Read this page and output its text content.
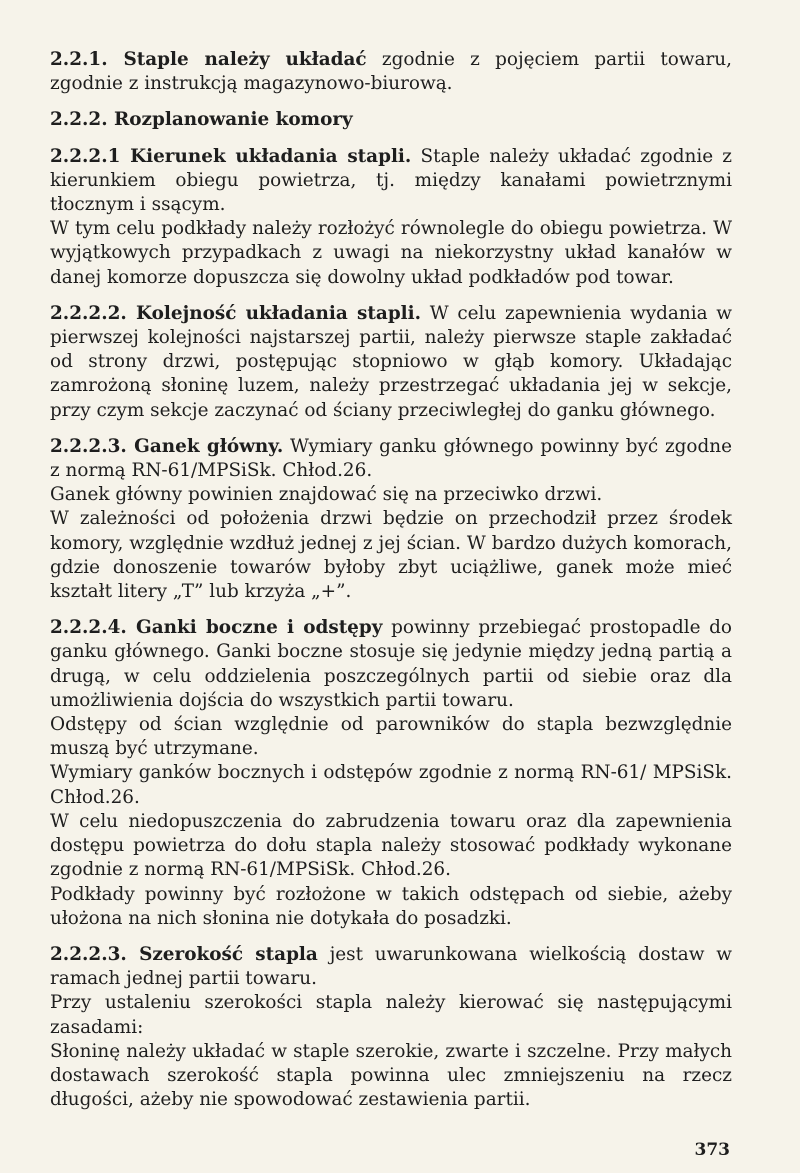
2.2.1. Staple należy układać zgodnie z pojęciem partii towaru, zgodnie z instrukcją magazynowo-biurową.

2.2.2. Rozplanowanie komory

2.2.2.1 Kierunek układania stapli. Staple należy układać zgodnie z kierunkiem obiegu powietrza, tj. między kanałami powietrznymi tłocznym i ssącym.
W tym celu podkłady należy rozłożyć równolegle do obiegu powietrza. W wyjątkowych przypadkach z uwagi na niekorzystny układ kanałów w danej komorze dopuszcza się dowolny układ podkładów pod towar.

2.2.2.2. Kolejność układania stapli. W celu zapewnienia wydania w pierwszej kolejności najstarszej partii, należy pierwsze staple zakładać od strony drzwi, postępując stopniowo w głąb komory. Układając zamrożoną słoninę luzem, należy przestrzegać układania jej w sekcje, przy czym sekcje zaczynać od ściany przeciwległej do ganku głównego.

2.2.2.3. Ganek główny. Wymiary ganku głównego powinny być zgodne z normą RN-61/MPSiSk. Chłod.26.
Ganek główny powinien znajdować się na przeciwko drzwi.
W zależności od położenia drzwi będzie on przechodził przez środek komory, względnie wzdłuż jednej z jej ścian. W bardzo dużych komorach, gdzie donoszenie towarów byłoby zbyt uciążliwe, ganek może mieć kształt litery „T” lub krzyża „+”.

2.2.2.4. Ganki boczne i odstępy powinny przebiegać prostopadle do ganku głównego. Ganki boczne stosuje się jedynie między jedną partią a drugą, w celu oddzielenia poszczególnych partii od siebie oraz dla umożliwienia dojścia do wszystkich partii towaru.
Odstępy od ścian względnie od parowników do stapla bezwzględnie muszą być utrzymane.
Wymiary ganków bocznych i odstępów zgodnie z normą RN-61/ MPSiSk. Chłod.26.
W celu niedopuszczenia do zabrudzenia towaru oraz dla zapewnienia dostępu powietrza do dołu stapla należy stosować podkłady wykonane zgodnie z normą RN-61/MPSiSk. Chłod.26.
Podkłady powinny być rozłożone w takich odstępach od siebie, ażeby ułożona na nich słonina nie dotykała do posadzki.

2.2.2.3. Szerokość stapla jest uwarunkowana wielkością dostaw w ramach jednej partii towaru.
Przy ustaleniu szerokości stapla należy kierować się następującymi zasadami:
Słoninę należy układać w staple szerokie, zwarte i szczelne. Przy małych dostawach szerokość stapla powinna ulec zmniejszeniu na rzecz długości, ażeby nie spowodować zestawienia partii.

373
